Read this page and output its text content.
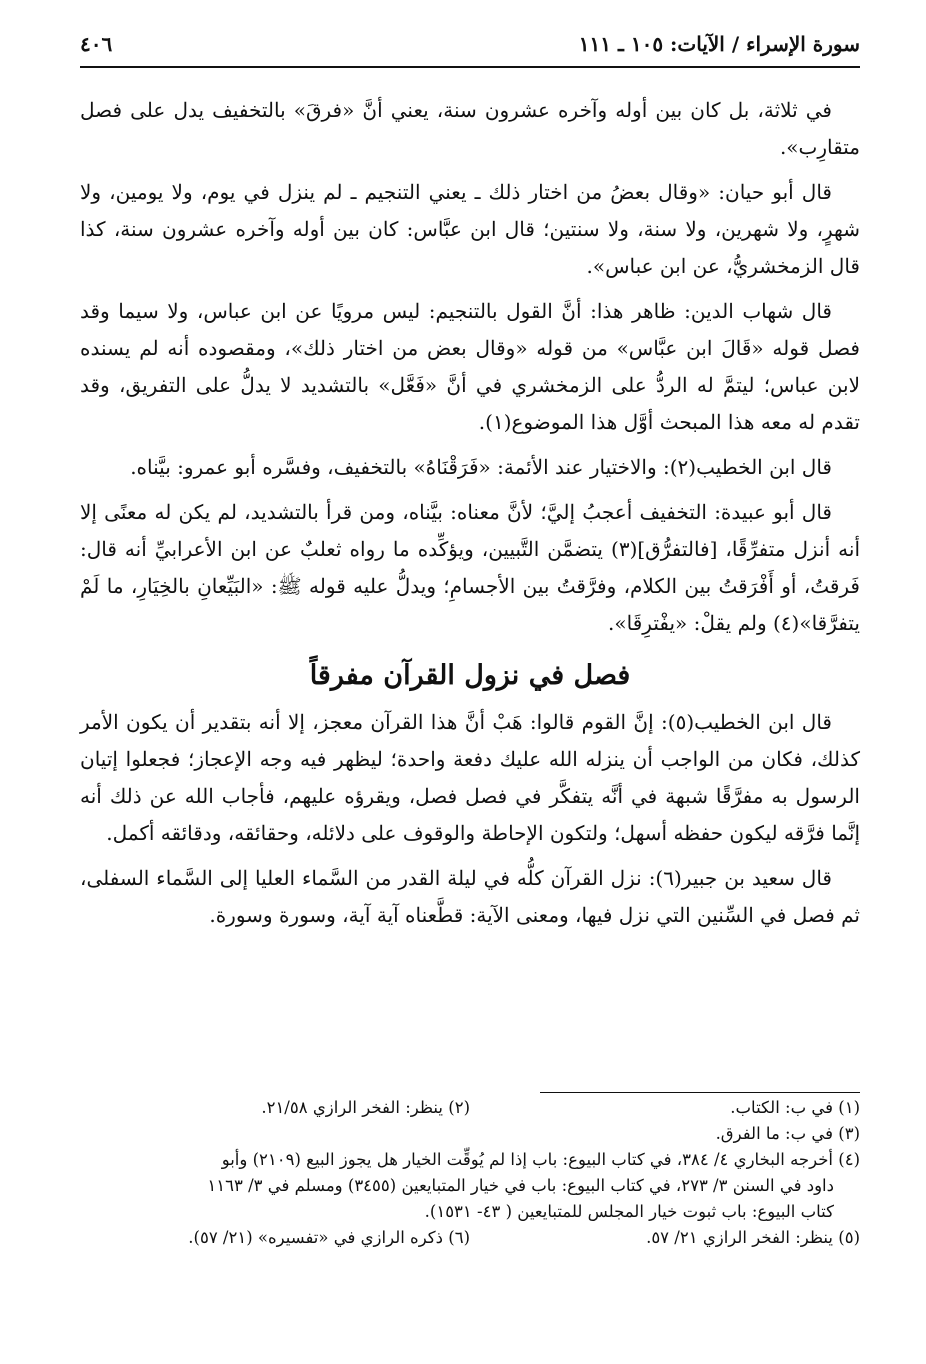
سورة الإسراء / الآيات: ١٠٥ ـ ١١١
٤٠٦

في ثلاثة، بل كان بين أوله وآخره عشرون سنة، يعني أنَّ «فرقَ» بالتخفيف يدل على فصل متقارِب».

قال أبو حيان: «وقال بعضُ من اختار ذلك ـ يعني التنجيم ـ لم ينزل في يوم، ولا يومين، ولا شهرٍ، ولا شهرين، ولا سنة، ولا سنتين؛ قال ابن عبَّاس: كان بين أوله وآخره عشرون سنة، كذا قال الزمخشريُّ، عن ابن عباس».

قال شهاب الدين: ظاهر هذا: أنَّ القول بالتنجيم: ليس مرويًا عن ابن عباس، ولا سيما وقد فصل قوله «قَالَ ابن عبَّاس» من قوله «وقال بعض من اختار ذلك»، ومقصوده أنه لم يسنده لابن عباس؛ ليتمَّ له الردُّ على الزمخشري في أنَّ «فَعَّل» بالتشديد لا يدلُّ على التفريق، وقد تقدم له معه هذا المبحث أوَّل هذا الموضوع(١).

قال ابن الخطيب(٢): والاختيار عند الأئمة: «فَرَقْنَاهُ» بالتخفيف، وفسَّره أبو عمرو: بيَّناه.

قال أبو عبيدة: التخفيف أعجبُ إليَّ؛ لأنَّ معناه: بيَّناه، ومن قرأ بالتشديد، لم يكن له معنًى إلا أنه أنزل متفرِّقًا، [فالتفرُّق](٣) يتضمَّن التَّبيين، ويؤكِّده ما رواه ثعلبٌ عن ابن الأعرابيِّ أنه قال: فَرقتُ، أو أَفْرَقتُ بين الكلام، وفرَّقتُ بين الأجسامِ؛ ويدلُّ عليه قوله ﷺ: «البَيِّعانِ بالخِيَارِ، ما لَمْ يتفرَّقا»(٤) ولم يقلْ: «يفْترِقَا».

فصل في نزول القرآن مفرقاً

قال ابن الخطيب(٥): إنَّ القوم قالوا: هَبْ أنَّ هذا القرآن معجز، إلا أنه بتقدير أن يكون الأمر كذلك، فكان من الواجب أن ينزله الله عليك دفعة واحدة؛ ليظهر فيه وجه الإعجاز؛ فجعلوا إتيان الرسول به مفرَّقًا شبهة في أنَّه يتفكَّر في فصل فصل، ويقرؤه عليهم، فأجاب الله عن ذلك أنه إنَّما فرَّقه ليكون حفظه أسهل؛ ولتكون الإحاطة والوقوف على دلائله، وحقائقه، ودقائقه أكمل.

قال سعيد بن جبير(٦): نزل القرآن كلُّه في ليلة القدر من السَّماء العليا إلى السَّماء السفلى، ثم فصل في السِّنين التي نزل فيها، ومعنى الآية: قطَّعناه آية آية، وسورة وسورة.

(١) في ب: الكتاب.

(٢) ينظر: الفخر الرازي ٢١/٥٨.

(٣) في ب: ما الفرق.

(٤) أخرجه البخاري ٤/ ٣٨٤، في كتاب البيوع: باب إذا لم يُوقِّت الخيار هل يجوز البيع (٢١٠٩) وأبو

داود في السنن ٣/ ٢٧٣، في كتاب البيوع: باب في خيار المتبايعين (٣٤٥٥) ومسلم في ٣/ ١١٦٣

كتاب البيوع: باب ثبوت خيار المجلس للمتبايعين ( ٤٣- ١٥٣١).

(٥) ينظر: الفخر الرازي ٢١/ ٥٧.

(٦) ذكره الرازي في «تفسيره» (٢١/ ٥٧).
